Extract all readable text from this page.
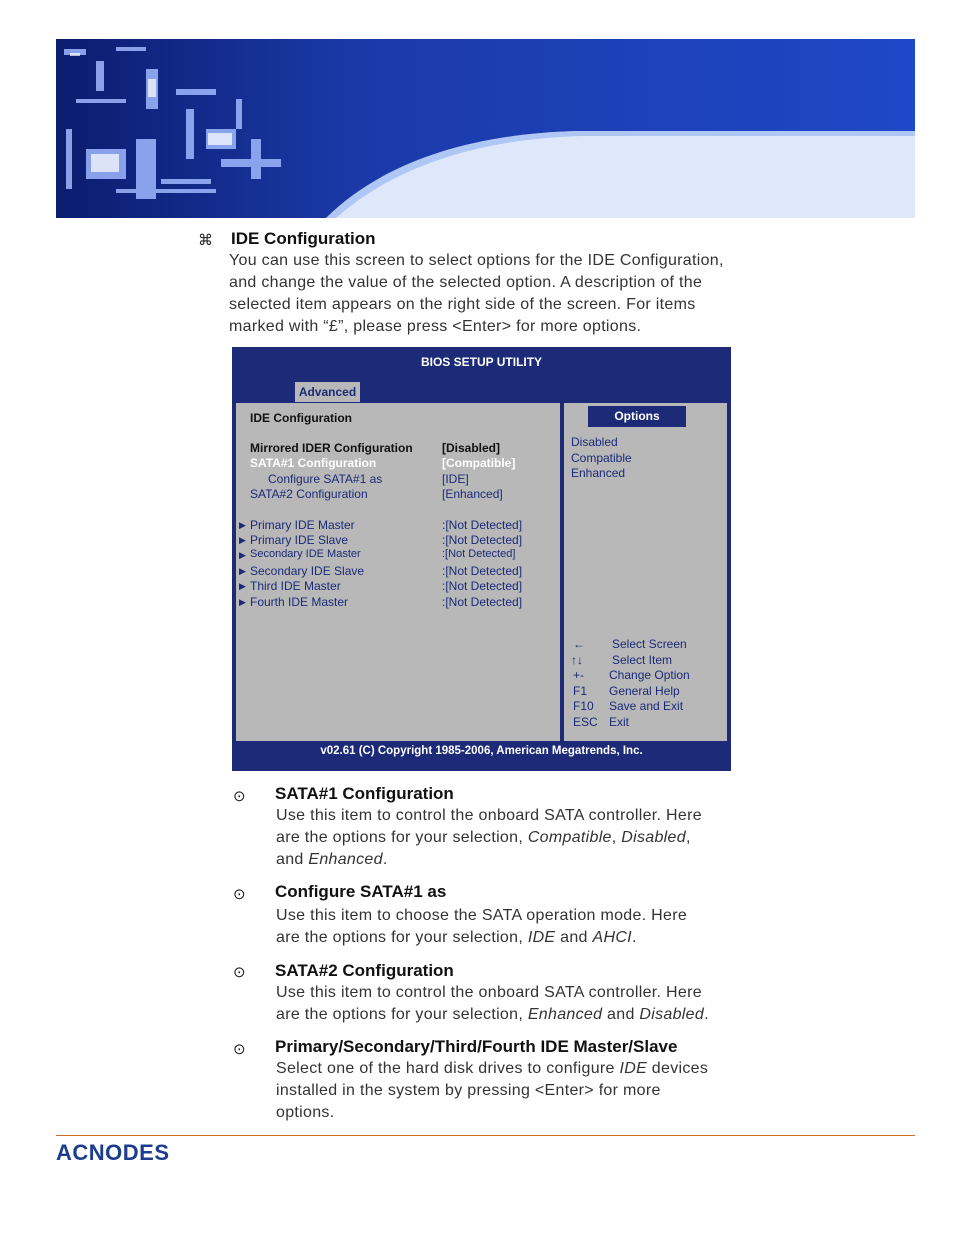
⌘ IDE Configuration
You can use this screen to select options for the IDE Configuration,
and change the value of the selected option. A description of the
selected item appears on the right side of the screen. For items
marked with “£”, please press <Enter> for more options.
BIOS SETUP UTILITY
Advanced
IDE Configuration
Mirrored IDER Configuration [Disabled]
SATA#1 Configuration	[Compatible]
Configure SATA#1 as	[IDE]
SATA#2 Configuration	[Enhanced]
▶ Primary IDE Master	:[Not Detected]
▶ Primary IDE Slave	:[Not Detected]
▶ Secondary IDE Master	:[Not Detected]
▶ Secondary IDE Slave	:[Not Detected]
▶ Third IDE Master	:[Not Detected]
▶ Fourth IDE Master	:[Not Detected]
Options
Disabled
Compatible
Enhanced
← Select Screen
↑↓ Select Item
+- Change Option
F1 General Help
F10 Save and Exit
ESC Exit
v02.61 (C) Copyright 1985-2006, American Megatrends, Inc.
⊙ SATA#1 Configuration
Use this item to control the onboard SATA controller. Here
are the options for your selection, Compatible, Disabled,
and Enhanced.
⊙ Configure SATA#1 as
Use this item to choose the SATA operation mode. Here
are the options for your selection, IDE and AHCI.
⊙ SATA#2 Configuration
Use this item to control the onboard SATA controller. Here
are the options for your selection, Enhanced and Disabled.
⊙ Primary/Secondary/Third/Fourth IDE Master/Slave
Select one of the hard disk drives to configure IDE devices
installed in the system by pressing <Enter> for more
options.
ACNODES
